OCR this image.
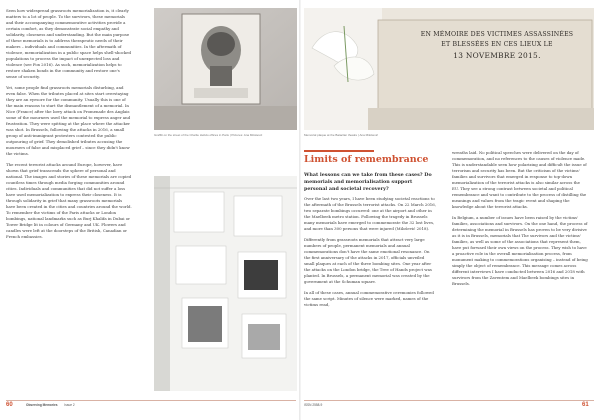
Seen how widespread grassroots memorialization is, it clearly matters to a lot of people. To the survivors, these memorials and their accompanying commemorative activities provide a certain comfort, as they demonstrate social empathy and solidarity, closeness and understanding. But the main purpose of these memorials is to address therapeutic needs of their makers – individuals and communities. In the aftermath of violence, memorialization in a public space helps shell-shocked populations to process the impact of unexpected loss and violence (see Fox 2016). As such, memorialization helps to restore shaken bonds in the community and restore one's sense of security.

Yet, some people find grassroots memorials disturbing, and even false. When the tributes placed at sites start overstaying they are an eyesore for the community. Usually this is one of the main reasons to start the dismantlement of a memorial. In Nice (France) after the lorry attack on Promenade des Anglais some of the mourners used the memorial to express anger and frustration. They were spitting at the place where the attacker was shot. In Brussels, following the attacks in 2016, a small group of anti-immigrant protesters contested the public outpouring of grief. They demolished tributes accusing the mourners of false and misplaced grief – since they didn't know the victims.

The recent terrorist attacks around Europe, however, have shown that grief transcends the sphere of personal and national. The images and stories of these memorials are copied countless times through media forging communities around cities. Individuals and communities that did not suffer a loss have used memorialization to express their closeness. It is through solidarity in grief that many grassroots memorials have been created in the cities and countries around the world. To remember the victims of the Paris attacks or London bombings, national landmarks such as Burj Khalifa in Dubai or Tower Bridge lit in colours of Germany and UK. Flowers and candles were left at the doorsteps of the British, Canadian or French embassies.

Graffiti on the street of the Charlie Hebdo offices in Paris | Pictures: Ana Milošević
60	Observing Memories Issue 2
EN MÉMOIRE DES VICTIMES ASSASSINÉES
ET BLESSÉES EN CES LIEUX LE
13 NOVEMBRE 2015.
Memorial plaque at the Bataclan theatre | Ana Milošević
Limits of remembrance
What lessons can we take from these cases? Do memorials and memorialisation support personal and societal recovery?

Over the last two years, I have been studying societal reactions to the aftermath of the Brussels terrorist attacks. On 22 March 2016, two separate bombings occurred: one at the airport and other in the Maelbeek metro station. Following the tragedy in Brussels many memorials have emerged to commemorate the 32 lost lives, and more than 300 persons that were injured (Milošević 2018).

Differently from grassroots memorials that attract very large numbers of people, permanent memorials and annual commemorations don't have the same emotional resonance. On the first anniversary of the attacks in 2017, officials unveiled small plaques at each of the three bombing sites. One year after the attacks on the London bridge, the Tree of Hands project was planted. In Brussels, a permanent memorial was created by the government at the Schuman square.

In all of these cases, annual commemorative ceremonies followed the same script. Minutes of silence were marked, names of the victims read,

wreaths laid. No political speeches were delivered on the day of commemoration, and no references to the causes of violence made. This is understandable seen how polarizing and difficult the issue of terrorism and security has been. But the criticism of the victims' families and survivors that emerged in response to top-down memorialization of the terrorist attacks is also similar across the EU. They see a strong contrast between societal and political remembrance and want to contribute to the process of distilling the meanings and values from the tragic event and shaping the knowledge about the terrorist attacks.

In Belgium, a number of issues have been raised by the victims' families, associations and survivors. On the one hand, the process of determining the memorial in Brussels has proven to be very divisive as it is in Brussels, memorials that The survivors and the victims' families, as well as some of the associations that represent them, have put forward their own views on the process. They wish to have a proactive role in the overall memorialisation process, from monument making to commemorations organising – instead of being simply the object of remembrance. This message comes across different interviews I have conducted between 2016 and 2018 with survivors from the Zaventem and Maelbeek bombings sites in Brussels.

ISSN 2558-9	61
